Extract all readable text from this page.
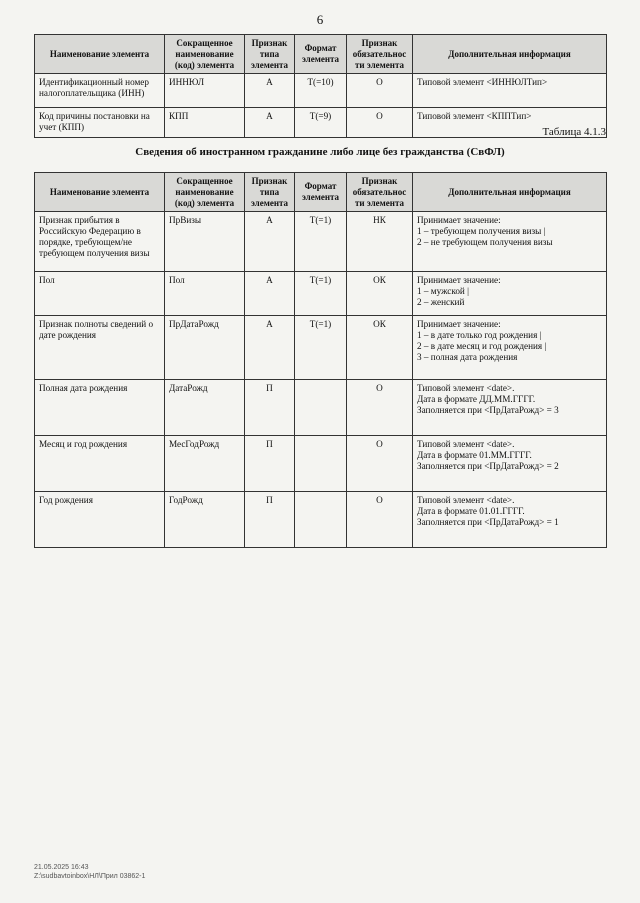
6
Наименование элемента	Сокращенное наименование (код) элемента	Признак типа элемента	Формат элемента	Признак обязательности элемента	Дополнительная информация
Идентификационный номер налогоплательщика (ИНН)	ИННЮЛ	А	T(=10)	О	Типовой элемент <ИННЮЛТип>

Код причины постановки на учет (КПП)	КПП	А	T(=9)	О	Типовой элемент <КППТип>
Таблица 4.1.3
Сведения об иностранном гражданине либо лице без гражданства (СвФЛ)
Наименование элемента	Сокращенное наименование (код) элемента	Признак типа элемента	Формат элемента	Признак обязательности элемента	Дополнительная информация
Признак прибытия в Российскую Федерацию в порядке, требующем/не требующем получения визы	ПрВизы	А	T(=1)	НК	Принимает значение:
1 – требующем получения визы |
2 – не требующем получения визы

Пол	Пол	А	T(=1)	ОК	Принимает значение:
1 – мужской |
2 – женский

Признак полноты сведений о дате рождения	ПрДатаРожд	А	T(=1)	ОК	Принимает значение:
1 – в дате только год рождения |
2 – в дате месяц и год рождения |
3 – полная дата рождения

Полная дата рождения	ДатаРожд	П		О	Типовой элемент <date>.
Дата в формате ДД.ММ.ГГГГ.
Заполняется при <ПрДатаРожд> = 3

Месяц и год рождения	МесГодРожд	П		О	Типовой элемент <date>.
Дата в формате 01.ММ.ГГГГ.
Заполняется при <ПрДатаРожд> = 2

Год рождения	ГодРожд	П		О	Типовой элемент <date>.
Дата в формате 01.01.ГГГГ.
Заполняется при <ПрДатаРожд> = 1
21.05.2025 16:43
Z:\sudbavtoinbox\НЛ\Прил 03862-1
